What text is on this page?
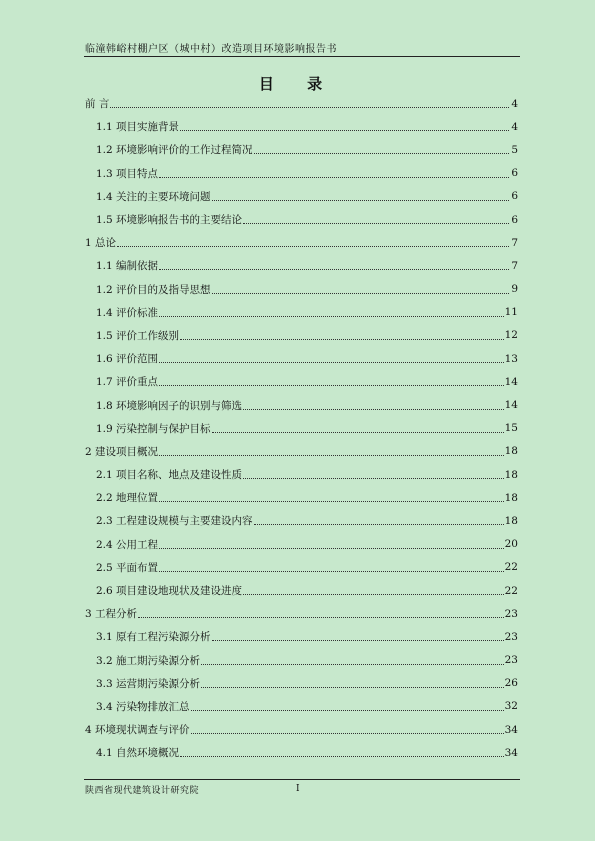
临潼韩峪村棚户区（城中村）改造项目环境影响报告书
目 录
前 言	4
1.1 项目实施背景	4
1.2 环境影响评价的工作过程简况	5
1.3 项目特点	6
1.4 关注的主要环境问题	6
1.5 环境影响报告书的主要结论	6
1 总论	7
1.1 编制依据	7
1.2 评价目的及指导思想	9
1.4 评价标准	11
1.5 评价工作级别	12
1.6 评价范围	13
1.7 评价重点	14
1.8 环境影响因子的识别与筛选	14
1.9 污染控制与保护目标	15
2 建设项目概况	18
2.1 项目名称、地点及建设性质	18
2.2 地理位置	18
2.3 工程建设规模与主要建设内容	18
2.4 公用工程	20
2.5 平面布置	22
2.6 项目建设地现状及建设进度	22
3 工程分析	23
3.1 原有工程污染源分析	23
3.2 施工期污染源分析	23
3.3 运营期污染源分析	26
3.4 污染物排放汇总	32
4 环境现状调查与评价	34
4.1 自然环境概况	34
陕西省现代建筑设计研究院	I
